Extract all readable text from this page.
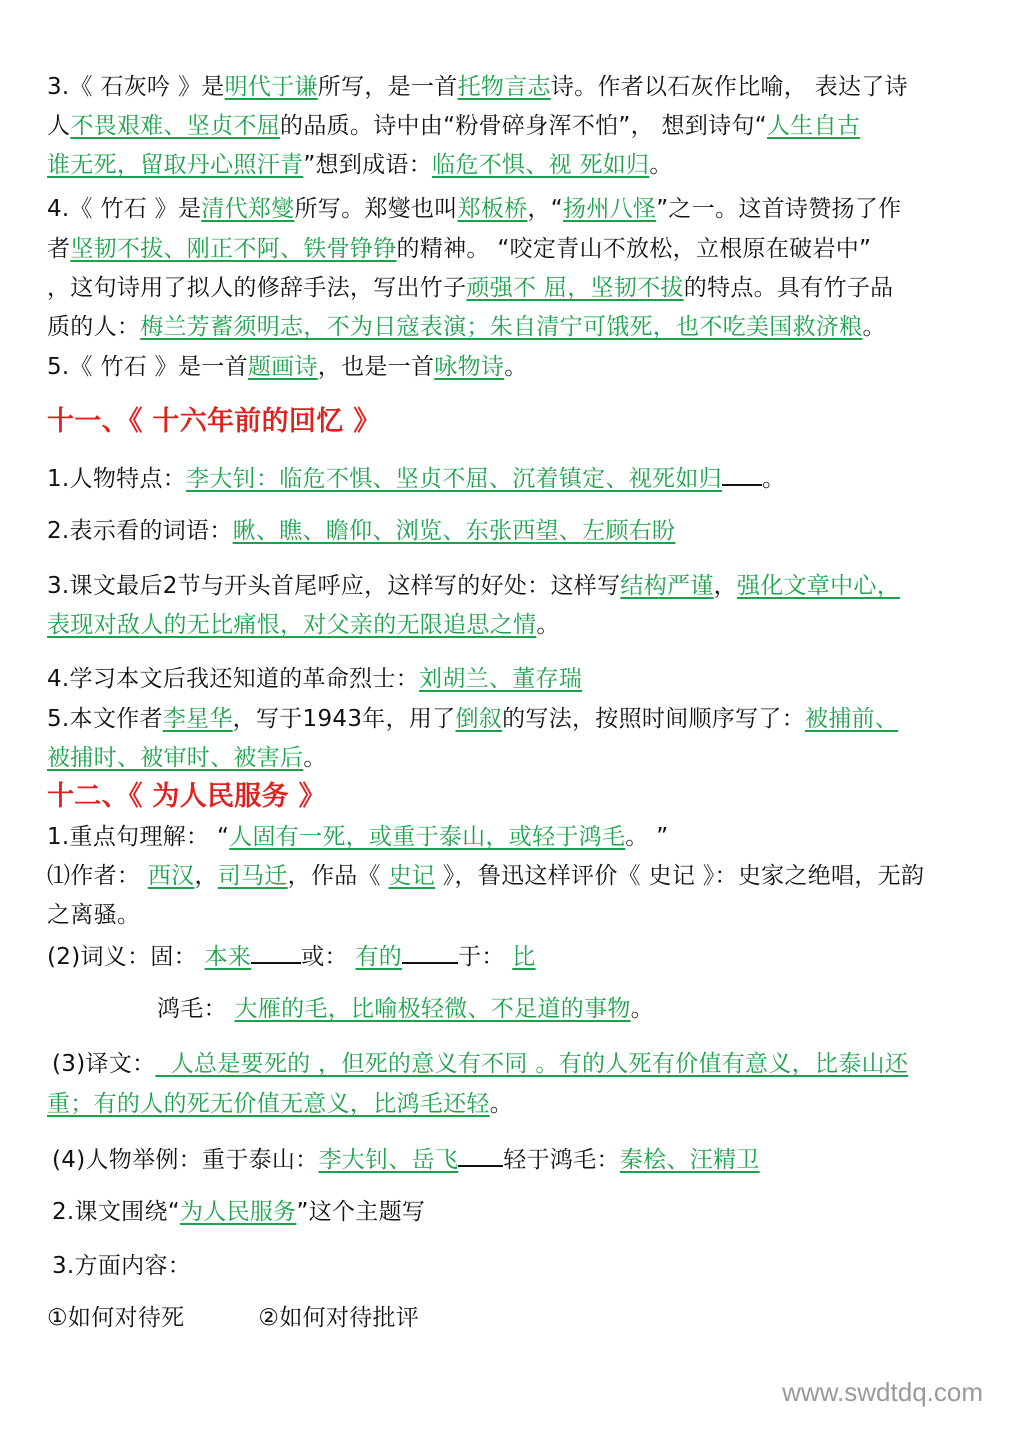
3.《 石灰吟 》是明代于谦所写，是一首托物言志诗。作者以石灰作比喻， 表达了诗
人不畏艰难、坚贞不屈的品质。诗中由“粉骨碎身浑不怕”， 想到诗句“人生自古
谁无死，留取丹心照汗青”想到成语：临危不惧、视 死如归。
4.《 竹石 》是清代郑燮所写。郑燮也叫郑板桥，“扬州八怪”之一。这首诗赞扬了作
者坚韧不拔、刚正不阿、铁骨铮铮的精神。 “咬定青山不放松，立根原在破岩中”
，这句诗用了拟人的修辞手法，写出竹子顽强不 屈，坚韧不拔的特点。具有竹子品
质的人：梅兰芳蓄须明志，不为日寇表演；朱自清宁可饿死，也不吃美国救济粮。
5.《 竹石 》是一首题画诗，也是一首咏物诗。
十一、《 十六年前的回忆 》
1.人物特点：李大钊：临危不惧、坚贞不屈、沉着镇定、视死如归 。
2.表示看的词语：瞅、瞧、瞻仰、浏览、东张西望、左顾右盼
3.课文最后2节与开头首尾呼应，这样写的好处：这样写结构严谨，强化文章中心，
表现对敌人的无比痛恨，对父亲的无限追思之情。
4.学习本文后我还知道的革命烈士：刘胡兰、董存瑞
5.本文作者李星华，写于1943年，用了倒叙的写法，按照时间顺序写了：被捕前、
被捕时、被审时、被害后。
十二、《 为人民服务 》
1.重点句理解： “人固有一死，或重于泰山，或轻于鸿毛。 ”
⑴作者： 西汉，司马迁，作品《 史记 》，鲁迅这样评价《 史记 》：史家之绝唱，无韵
之离骚。
(2)词义：固： 本来 或： 有的 于： 比
鸿毛： 大雁的毛，比喻极轻微、不足道的事物。
(3)译文： 人总是要死的 ，但死的意义有不同 。有的人死有价值有意义，比泰山还
重；有的人的死无价值无意义，比鸿毛还轻。
(4)人物举例：重于泰山：李大钊、岳飞 轻于鸿毛：秦桧、汪精卫
2.课文围绕“为人民服务”这个主题写
3.方面内容：
①如何对待死	②如何对待批评
www.swdtdq.com
